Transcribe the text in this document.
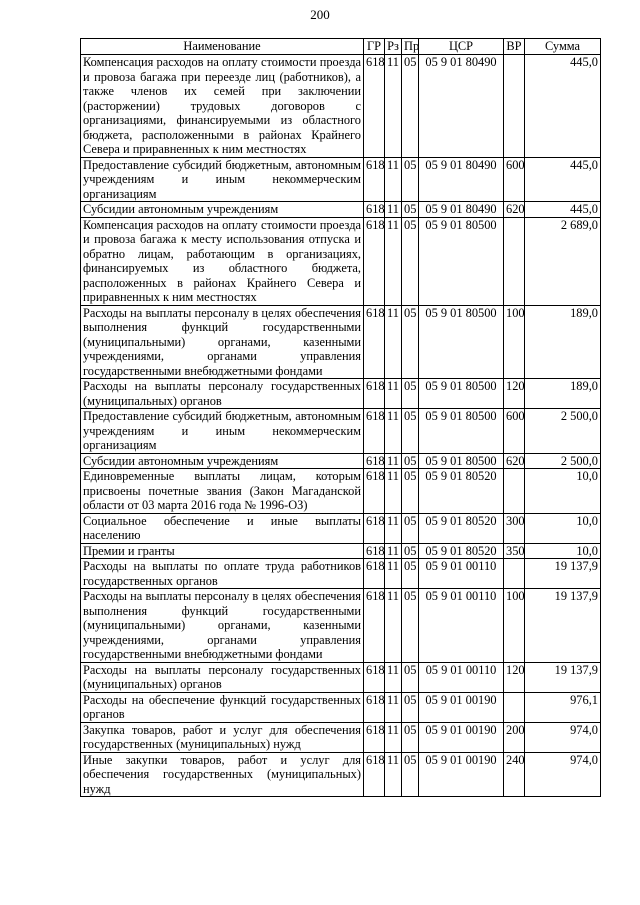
200
Наименование	ГР	Рз	Пр	ЦСР	ВР	Сумма
Компенсация расходов на оплату стоимости проезда и провоза багажа при переезде лиц (работников), а также членов их семей при заключении (расторжении) трудовых договоров с организациями, финансируемыми из областного бюджета, расположенными в районах Крайнего Севера и приравненных к ним местностях	618	11	05	05 9 01 80490		445,0
Предоставление субсидий бюджетным, автономным учреждениям и иным некоммерческим организациям	618	11	05	05 9 01 80490	600	445,0
Субсидии автономным учреждениям	618	11	05	05 9 01 80490	620	445,0
Компенсация расходов на оплату стоимости проезда и провоза багажа к месту использования отпуска и обратно лицам, работающим в организациях, финансируемых из областного бюджета, расположенных в районах Крайнего Севера и приравненных к ним местностях	618	11	05	05 9 01 80500		2 689,0
Расходы на выплаты персоналу в целях обеспечения выполнения функций государственными (муниципальными) органами, казенными учреждениями, органами управления государственными внебюджетными фондами	618	11	05	05 9 01 80500	100	189,0
Расходы на выплаты персоналу государственных (муниципальных) органов	618	11	05	05 9 01 80500	120	189,0
Предоставление субсидий бюджетным, автономным учреждениям и иным некоммерческим организациям	618	11	05	05 9 01 80500	600	2 500,0
Субсидии автономным учреждениям	618	11	05	05 9 01 80500	620	2 500,0
Единовременные выплаты лицам, которым присвоены почетные звания (Закон Магаданской области от 03 марта 2016 года № 1996-ОЗ)	618	11	05	05 9 01 80520		10,0
Социальное обеспечение и иные выплаты населению	618	11	05	05 9 01 80520	300	10,0
Премии и гранты	618	11	05	05 9 01 80520	350	10,0
Расходы на выплаты по оплате труда работников государственных органов	618	11	05	05 9 01 00110		19 137,9
Расходы на выплаты персоналу в целях обеспечения выполнения функций государственными (муниципальными) органами, казенными учреждениями, органами управления государственными внебюджетными фондами	618	11	05	05 9 01 00110	100	19 137,9
Расходы на выплаты персоналу государственных (муниципальных) органов	618	11	05	05 9 01 00110	120	19 137,9
Расходы на обеспечение функций государственных органов	618	11	05	05 9 01 00190		976,1
Закупка товаров, работ и услуг для обеспечения государственных (муниципальных) нужд	618	11	05	05 9 01 00190	200	974,0
Иные закупки товаров, работ и услуг для обеспечения государственных (муниципальных) нужд	618	11	05	05 9 01 00190	240	974,0
